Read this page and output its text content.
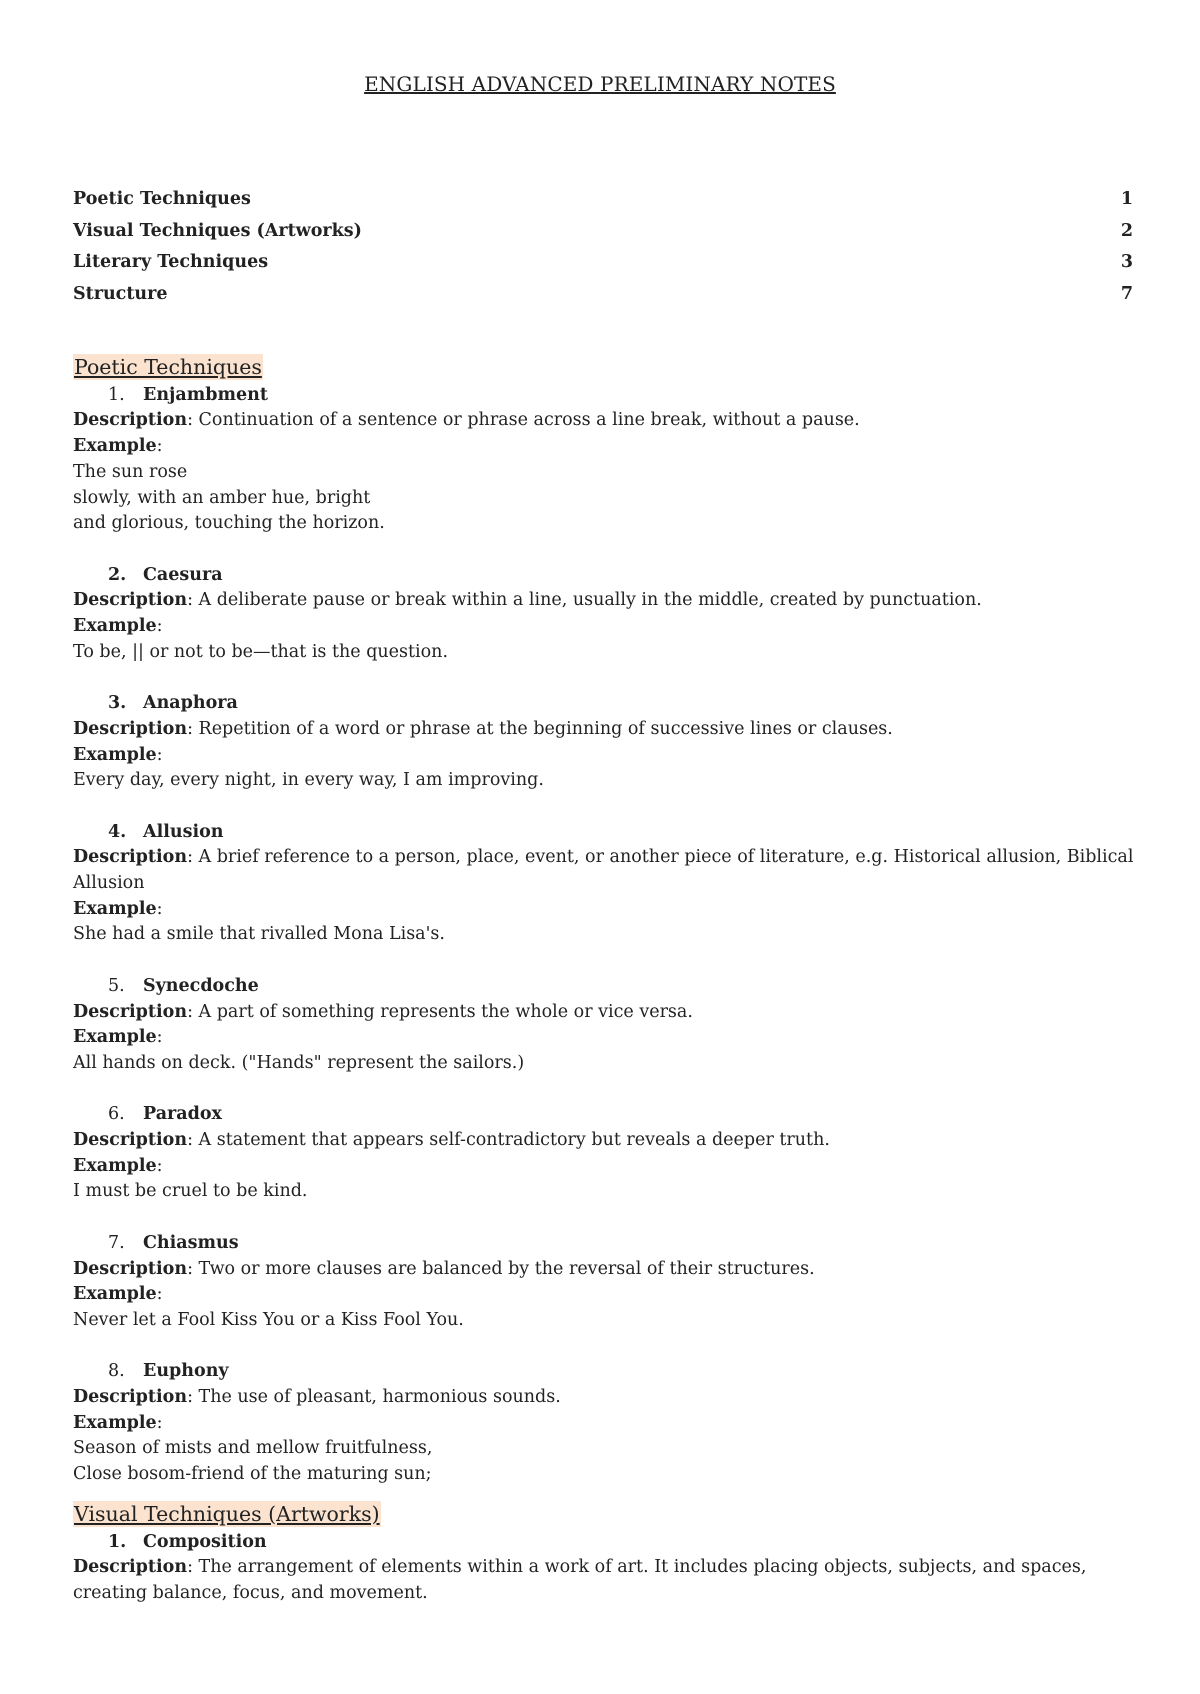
ENGLISH ADVANCED PRELIMINARY NOTES
Poetic Techniques	1
Visual Techniques (Artworks)	2
Literary Techniques	3
Structure	7
Poetic Techniques
1. Enjambment
Description: Continuation of a sentence or phrase across a line break, without a pause.
Example:
The sun rose
slowly, with an amber hue, bright
and glorious, touching the horizon.
2. Caesura
Description: A deliberate pause or break within a line, usually in the middle, created by punctuation.
Example:
To be, || or not to be—that is the question.
3. Anaphora
Description: Repetition of a word or phrase at the beginning of successive lines or clauses.
Example:
Every day, every night, in every way, I am improving.
4. Allusion
Description: A brief reference to a person, place, event, or another piece of literature, e.g. Historical allusion, Biblical Allusion
Example:
She had a smile that rivalled Mona Lisa's.
5. Synecdoche
Description: A part of something represents the whole or vice versa.
Example:
All hands on deck. ("Hands" represent the sailors.)
6. Paradox
Description: A statement that appears self-contradictory but reveals a deeper truth.
Example:
I must be cruel to be kind.
7. Chiasmus
Description: Two or more clauses are balanced by the reversal of their structures.
Example:
Never let a Fool Kiss You or a Kiss Fool You.
8. Euphony
Description: The use of pleasant, harmonious sounds.
Example:
Season of mists and mellow fruitfulness,
Close bosom-friend of the maturing sun;
Visual Techniques (Artworks)
1. Composition
Description: The arrangement of elements within a work of art. It includes placing objects, subjects, and spaces, creating balance, focus, and movement.
